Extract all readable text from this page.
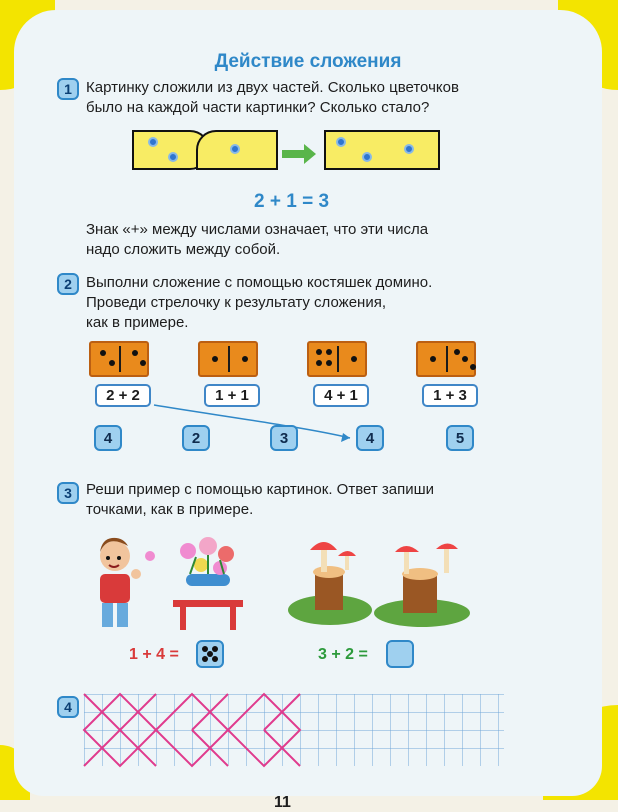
Действие сложения
1 Картинку сложили из двух частей. Сколько цветочков
было на каждой части картинки? Сколько стало?
2 + 1 = 3
Знак «+» между числами означает, что эти числа
надо сложить между собой.
2 Выполни сложение с помощью костяшек домино.
Проведи стрелочку к результату сложения,
как в примере.
2 + 2	1 + 1	4 + 1	1 + 3
4	2	3	4	5
3 Реши пример с помощью картинок. Ответ запиши
точками, как в примере.
1 + 4 =	3 + 2 =
4
11
